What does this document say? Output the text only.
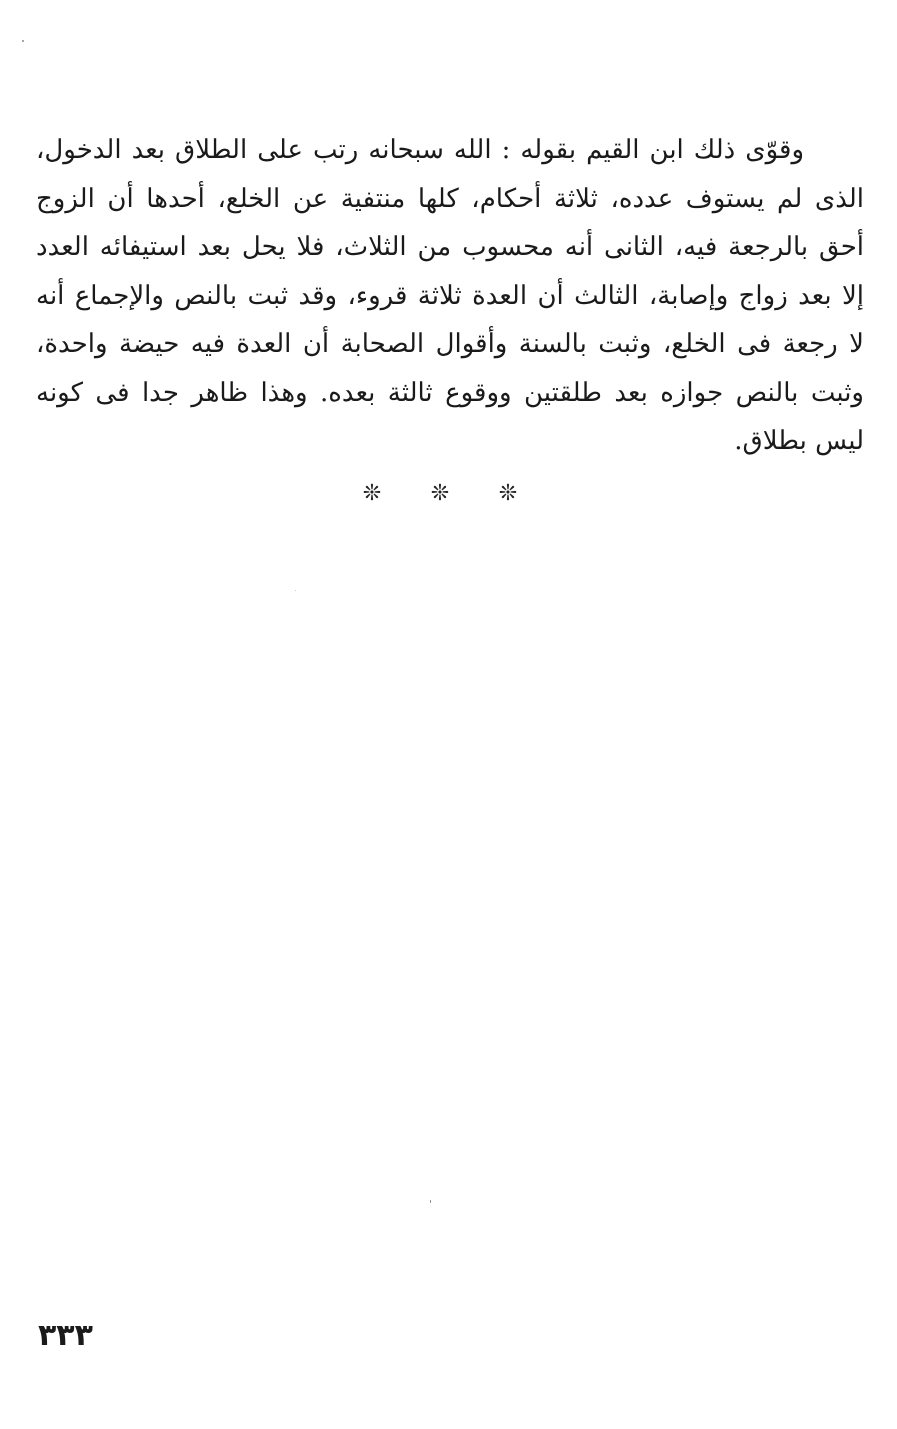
وقوّى ذلك ابن القيم بقوله : الله سبحانه رتب على الطلاق بعد الدخول،
الذى لم يستوف عدده، ثلاثة أحكام، كلها منتفية عن الخلع، أحدها أن الزوج
أحق بالرجعة فيه، الثانى أنه محسوب من الثلاث، فلا يحل بعد استيفائه العدد
إلا بعد زواج وإصابة، الثالث أن العدة ثلاثة قروء، وقد ثبت بالنص والإجماع أنه
لا رجعة فى الخلع، وثبت بالسنة وأقوال الصحابة أن العدة فيه حيضة واحدة،
وثبت بالنص جوازه بعد طلقتين ووقوع ثالثة بعده. وهذا ظاهر جدا فى كونه
ليس بطلاق.
❊ ❊ ❊
٣٣٣
